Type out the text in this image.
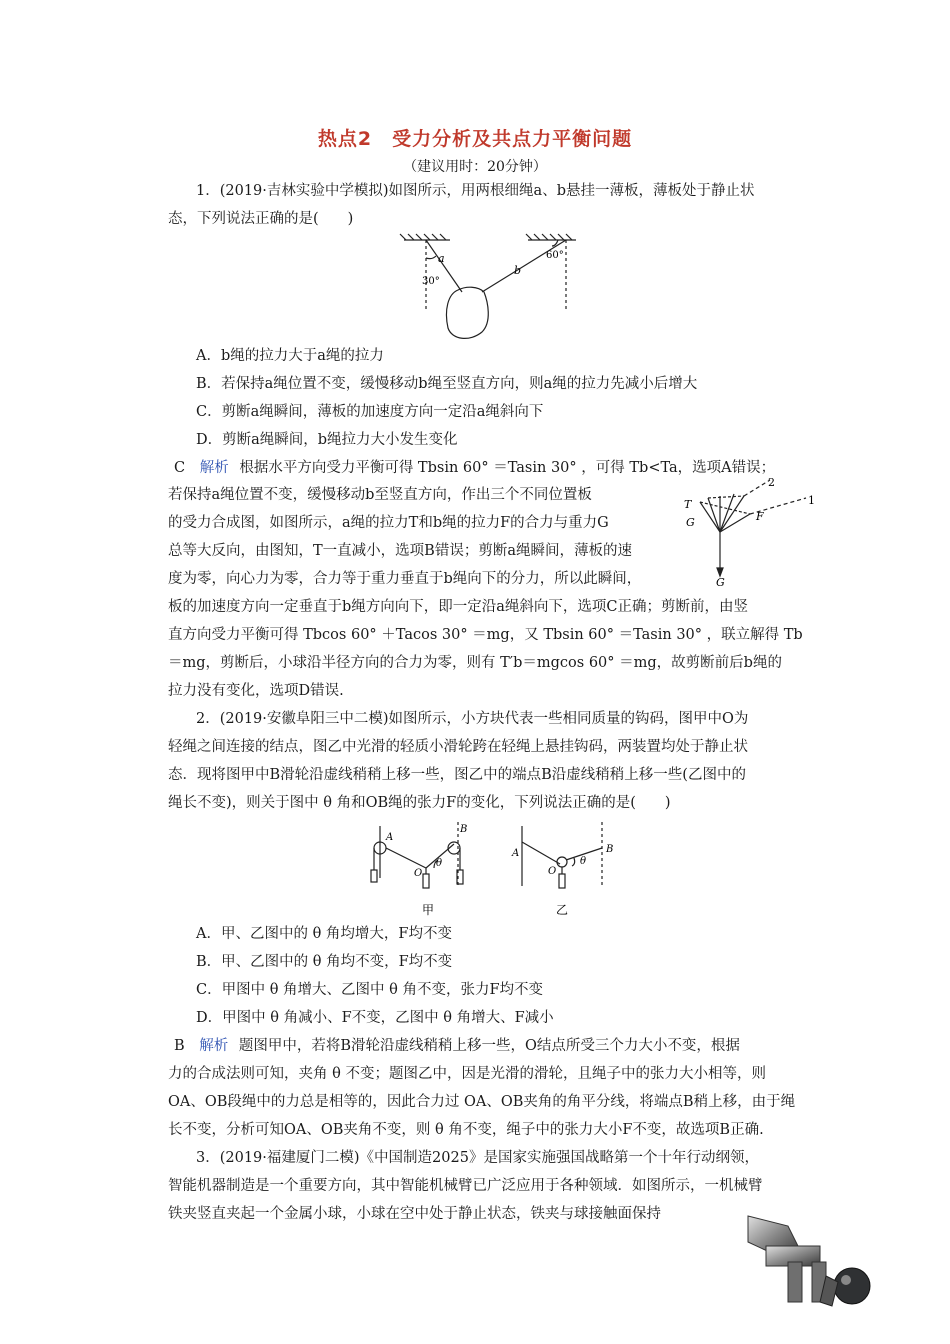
热点2　受力分析及共点力平衡问题
（建议用时：20分钟）
1．(2019·吉林实验中学模拟)如图所示，用两根细绳a、b悬挂一薄板，薄板处于静止状
态，下列说法正确的是(　　)
a
b
30°
60°
A．b绳的拉力大于a绳的拉力
B．若保持a绳位置不变，缓慢移动b绳至竖直方向，则a绳的拉力先减小后增大
C．剪断a绳瞬间，薄板的加速度方向一定沿a绳斜向下
D．剪断a绳瞬间，b绳拉力大小发生变化
C 解析 根据水平方向受力平衡可得 Tbsin 60° ＝Tasin 30° ，可得 Tb<Ta，选项A错误；
若保持a绳位置不变，缓慢移动b至竖直方向，作出三个不同位置板
的受力合成图，如图所示，a绳的拉力T和b绳的拉力F的合力与重力G
总等大反向，由图知，T一直减小，选项B错误；剪断a绳瞬间，薄板的速
度为零，向心力为零，合力等于重力垂直于b绳向下的分力，所以此瞬间，
T
G	F
1
2
G
板的加速度方向一定垂直于b绳方向向下，即一定沿a绳斜向下，选项C正确；剪断前，由竖
直方向受力平衡可得 Tbcos 60° ＋Tacos 30° ＝mg，又 Tbsin 60° ＝Tasin 30° ，联立解得 Tb
＝mg，剪断后，小球沿半径方向的合力为零，则有 T′b＝mgcos 60° ＝mg，故剪断前后b绳的
拉力没有变化，选项D错误.
2．(2019·安徽阜阳三中二模)如图所示，小方块代表一些相同质量的钩码，图甲中O为
轻绳之间连接的结点，图乙中光滑的轻质小滑轮跨在轻绳上悬挂钩码，两装置均处于静止状
态．现将图甲中B滑轮沿虚线稍稍上移一些，图乙中的端点B沿虚线稍稍上移一些(乙图中的
绳长不变)，则关于图中 θ 角和OB绳的张力F的变化，下列说法正确的是(　　)
A
B
O
θ
甲
A	B
O
θ
乙
A．甲、乙图中的 θ 角均增大，F均不变
B．甲、乙图中的 θ 角均不变，F均不变
C．甲图中 θ 角增大、乙图中 θ 角不变，张力F均不变
D．甲图中 θ 角减小、F不变，乙图中 θ 角增大、F减小
B 解析 题图甲中，若将B滑轮沿虚线稍稍上移一些，O结点所受三个力大小不变，根据
力的合成法则可知，夹角 θ 不变；题图乙中，因是光滑的滑轮，且绳子中的张力大小相等，则
OA、OB段绳中的力总是相等的，因此合力过 OA、OB夹角的角平分线，将端点B稍上移，由于绳
长不变，分析可知OA、OB夹角不变，则 θ 角不变，绳子中的张力大小F不变，故选项B正确.
3．(2019·福建厦门二模)《中国制造2025》是国家实施强国战略第一个十年行动纲领，
智能机器制造是一个重要方向，其中智能机械臂已广泛应用于各种领域．如图所示，一机械臂
铁夹竖直夹起一个金属小球，小球在空中处于静止状态，铁夹与球接触面保持
